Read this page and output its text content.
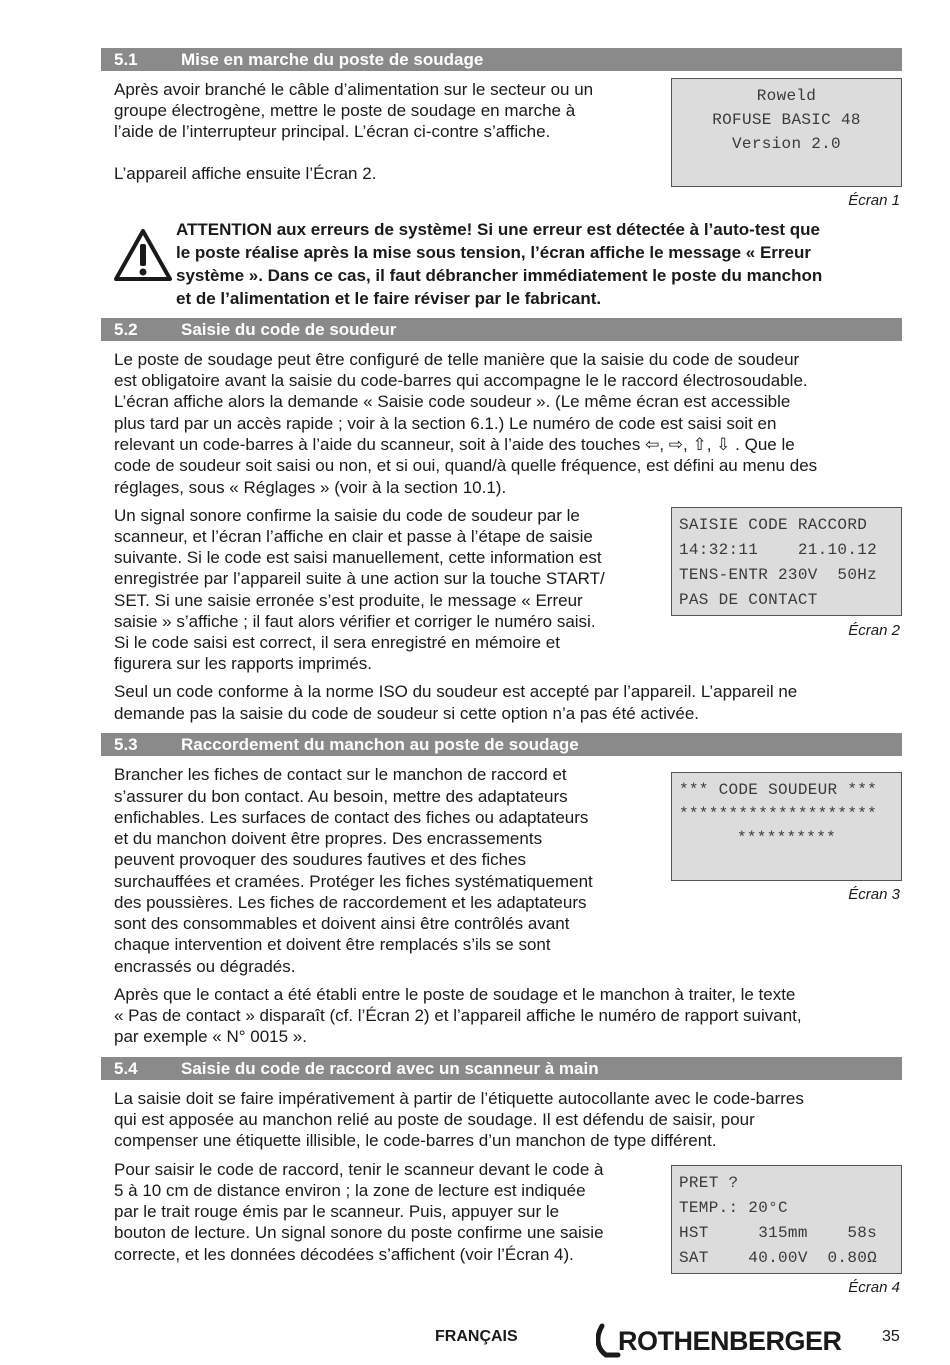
5.1	Mise en marche du poste de soudage

Après avoir branché le câble d’alimentation sur le secteur ou un

groupe électrogène, mettre le poste de soudage en marche à

l’aide de l’interrupteur principal. L’écran ci-contre s’affiche.

L’appareil affiche ensuite l’Écran 2.

Roweld
ROFUSE BASIC 48
Version 2.0
Écran 1

ATTENTION aux erreurs de système! Si une erreur est détectée à l’auto-test que

le poste réalise après la mise sous tension, l’écran affiche le message « Erreur

système ». Dans ce cas, il faut débrancher immédiatement le poste du manchon

et de l’alimentation et le faire réviser par le fabricant.

5.2	Saisie du code de soudeur

Le poste de soudage peut être configuré de telle manière que la saisie du code de soudeur

est obligatoire avant la saisie du code-barres qui accompagne le le raccord électrosoudable.

L’écran affiche alors la demande « Saisie code soudeur ». (Le même écran est accessible

plus tard par un accès rapide ; voir à la section 6.1.) Le numéro de code est saisi soit en

relevant un code-barres à l’aide du scanneur, soit à l’aide des touches ⇦, ⇨, ⇧, ⇩ . Que le

code de soudeur soit saisi ou non, et si oui, quand/à quelle fréquence, est défini au menu des

réglages, sous « Réglages » (voir à la section 10.1).

Un signal sonore confirme la saisie du code de soudeur par le

scanneur, et l’écran l’affiche en clair et passe à l’étape de saisie

suivante. Si le code est saisi manuellement, cette information est

enregistrée par l’appareil suite à une action sur la touche START/

SET. Si une saisie erronée s’est produite, le message « Erreur

saisie » s’affiche ; il faut alors vérifier et corriger le numéro saisi.

Si le code saisi est correct, il sera enregistré en mémoire et

figurera sur les rapports imprimés.

SAISIE CODE RACCORD
14:32:11    21.10.12
TENS-ENTR 230V  50Hz
PAS DE CONTACT
Écran 2

Seul un code conforme à la norme ISO du soudeur est accepté par l’appareil. L’appareil ne

demande pas la saisie du code de soudeur si cette option n’a pas été activée.

5.3	Raccordement du manchon au poste de soudage

Brancher les fiches de contact sur le manchon de raccord et

s’assurer du bon contact. Au besoin, mettre des adaptateurs

enfichables. Les surfaces de contact des fiches ou adaptateurs

et du manchon doivent être propres. Des encrassements

peuvent provoquer des soudures fautives et des fiches

surchauffées et cramées. Protéger les fiches systématiquement

des poussières. Les fiches de raccordement et les adaptateurs

sont des consommables et doivent ainsi être contrôlés avant

chaque intervention et doivent être remplacés s’ils se sont

encrassés ou dégradés.

*** CODE SOUDEUR ***
********************
**********
Écran 3

Après que le contact a été établi entre le poste de soudage et le manchon à traiter, le texte

« Pas de contact » disparaît (cf. l’Écran 2) et l’appareil affiche le numéro de rapport suivant,

par exemple « N° 0015 ».

5.4	Saisie du code de raccord avec un scanneur à main

La saisie doit se faire impérativement à partir de l’étiquette autocollante avec le code-barres

qui est apposée au manchon relié au poste de soudage. Il est défendu de saisir, pour

compenser une étiquette illisible, le code-barres d’un manchon de type différent.

Pour saisir le code de raccord, tenir le scanneur devant le code à

5 à 10 cm de distance environ ; la zone de lecture est indiquée

par le trait rouge émis par le scanneur. Puis, appuyer sur le

bouton de lecture. Un signal sonore du poste confirme une saisie

correcte, et les données décodées s’affichent (voir l’Écran 4).

PRET ?
TEMP.: 20°C
HST     315mm    58s
SAT    40.00V  0.80Ω
Écran 4
FRANÇAIS	ROTHENBERGER	35
